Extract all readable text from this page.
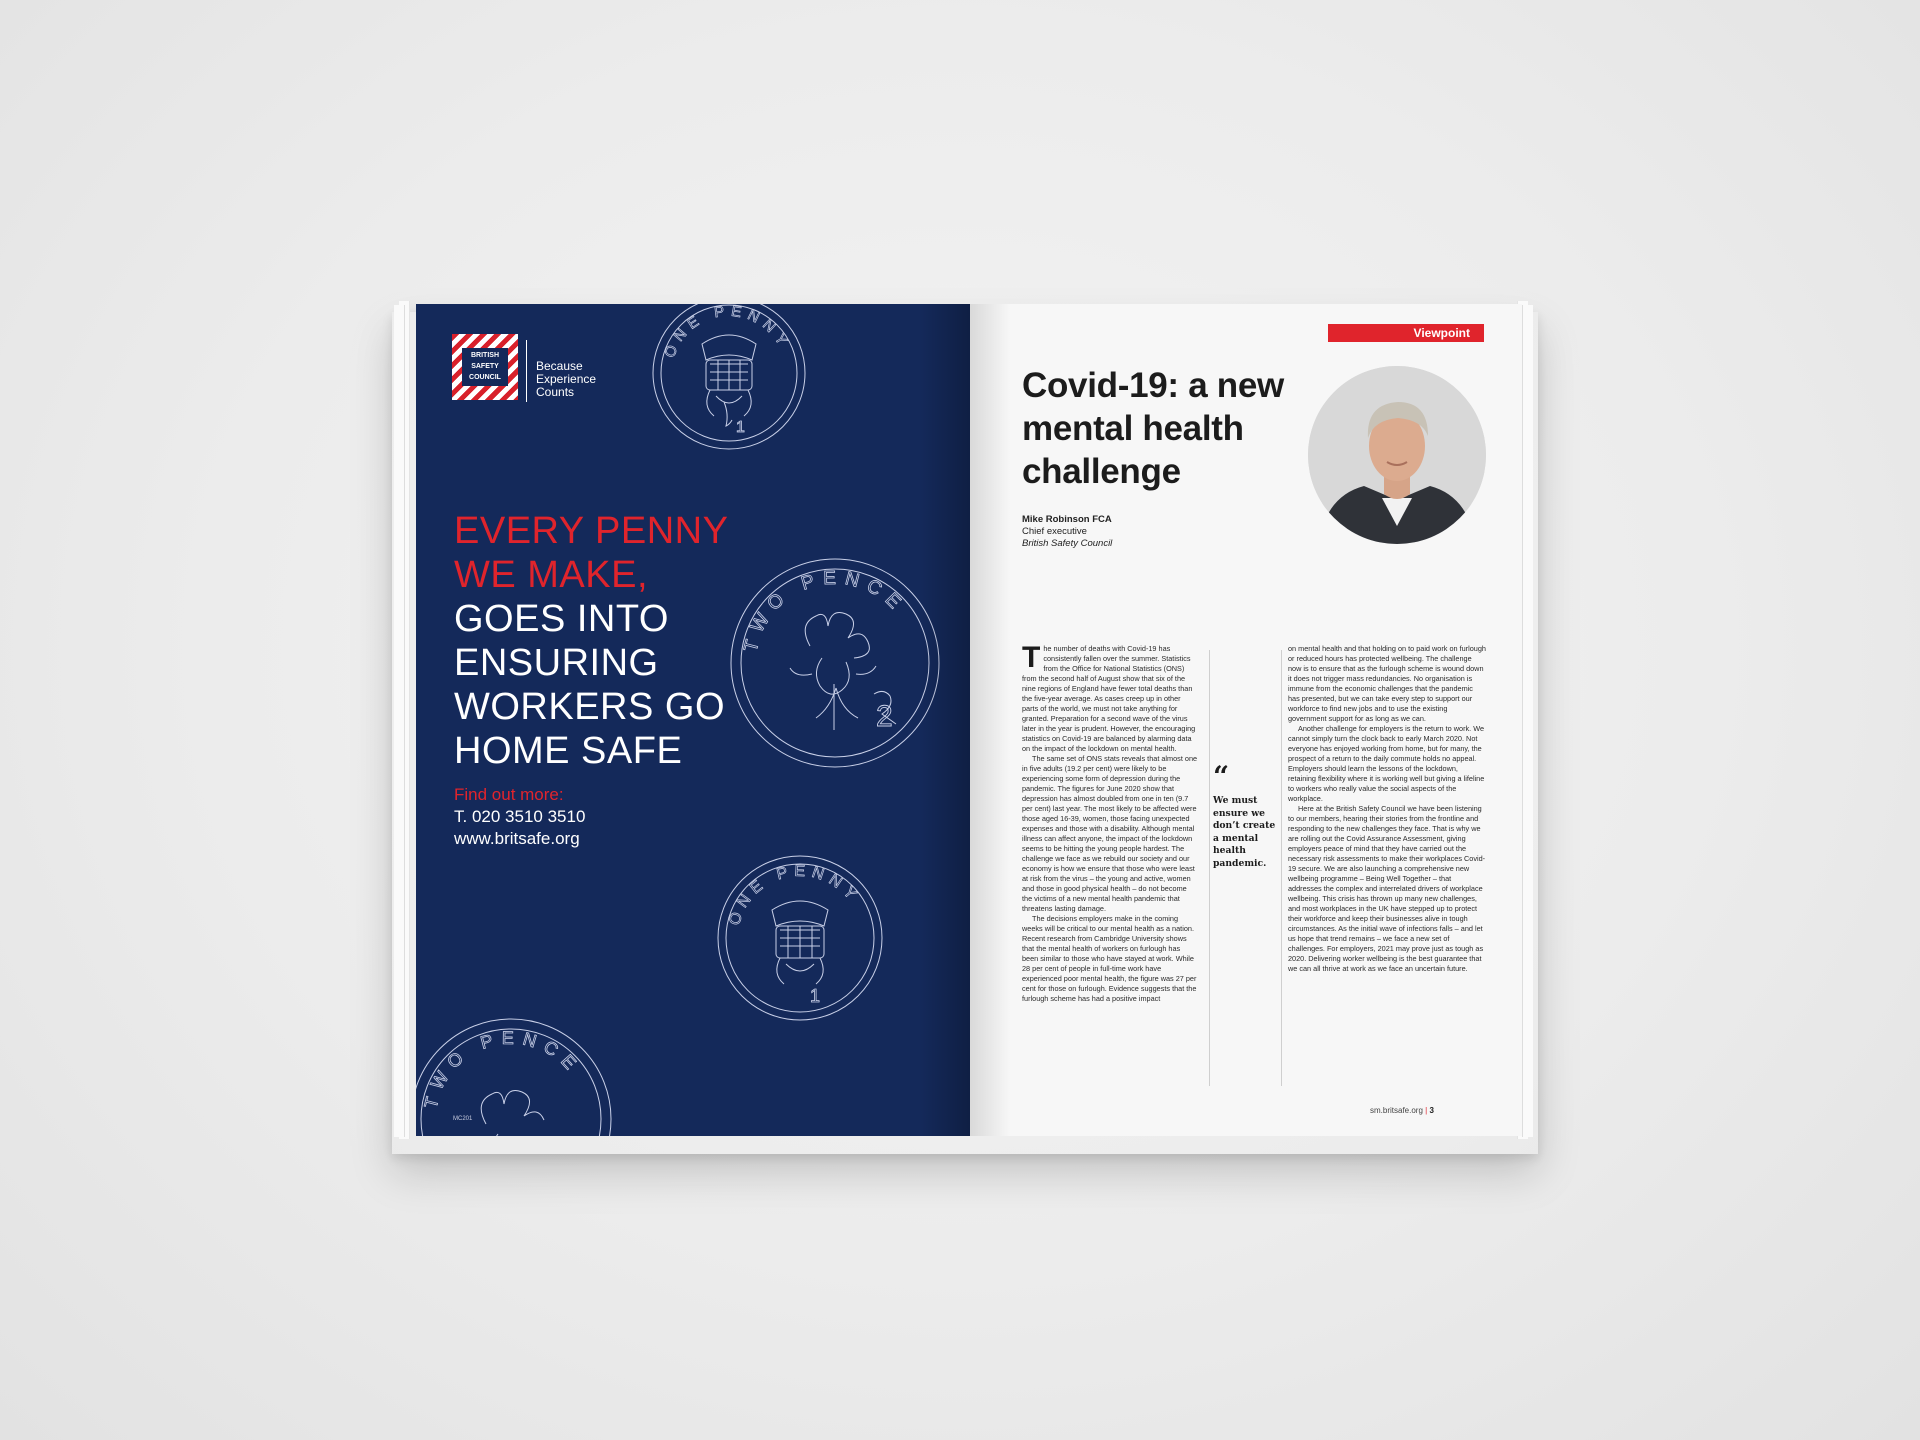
ONE PENNY
1
TWO PENCE
2
ONE PENNY
1
TWO PENCE
BRITISH
SAFETY
COUNCIL
Because
Experience
Counts
EVERY PENNY
WE MAKE,
GOES INTO
ENSURING
WORKERS GO
HOME SAFE
Find out more:
T. 020 3510 3510
www.britsafe.org
MC201
Viewpoint
Covid-19: a new mental health challenge
Mike Robinson FCA
Chief executive
British Safety Council

The number of deaths with Covid-19 has consistently fallen over the summer. Statistics from the Office for National Statistics (ONS) from the second half of August show that six of the nine regions of England have fewer total deaths than the five-year average. As cases creep up in other parts of the world, we must not take anything for granted. Preparation for a second wave of the virus later in the year is prudent. However, the encouraging statistics on Covid-19 are balanced by alarming data on the impact of the lockdown on mental health.

The same set of ONS stats reveals that almost one in five adults (19.2 per cent) were likely to be experiencing some form of depression during the pandemic. The figures for June 2020 show that depression has almost doubled from one in ten (9.7 per cent) last year. The most likely to be affected were those aged 16-39, women, those facing unexpected expenses and those with a disability. Although mental illness can affect anyone, the impact of the lockdown seems to be hitting the young people hardest. The challenge we face as we rebuild our society and our economy is how we ensure that those who were least at risk from the virus – the young and active, women and those in good physical health – do not become the victims of a new mental health pandemic that threatens lasting damage.

The decisions employers make in the coming weeks will be critical to our mental health as a nation. Recent research from Cambridge University shows that the mental health of workers on furlough has been similar to those who have stayed at work. While 28 per cent of people in full-time work have experienced poor mental health, the figure was 27 per cent for those on furlough. Evidence suggests that the furlough scheme has had a positive impact

“
We must ensure we don’t create a mental health pandemic.

on mental health and that holding on to paid work on furlough or reduced hours has protected wellbeing. The challenge now is to ensure that as the furlough scheme is wound down it does not trigger mass redundancies. No organisation is immune from the economic challenges that the pandemic has presented, but we can take every step to support our workforce to find new jobs and to use the existing government support for as long as we can.

Another challenge for employers is the return to work. We cannot simply turn the clock back to early March 2020. Not everyone has enjoyed working from home, but for many, the prospect of a return to the daily commute holds no appeal. Employers should learn the lessons of the lockdown, retaining flexibility where it is working well but giving a lifeline to workers who really value the social aspects of the workplace.

Here at the British Safety Council we have been listening to our members, hearing their stories from the frontline and responding to the new challenges they face. That is why we are rolling out the Covid Assurance Assessment, giving employers peace of mind that they have carried out the necessary risk assessments to make their workplaces Covid-19 secure. We are also launching a comprehensive new wellbeing programme – Being Well Together – that addresses the complex and interrelated drivers of workplace wellbeing. This crisis has thrown up many new challenges, and most workplaces in the UK have stepped up to protect their workforce and keep their businesses alive in tough circumstances. As the initial wave of infections falls – and let us hope that trend remains – we face a new set of challenges. For employers, 2021 may prove just as tough as 2020. Delivering worker wellbeing is the best guarantee that we can all thrive at work as we face an uncertain future.

sm.britsafe.org | 3
